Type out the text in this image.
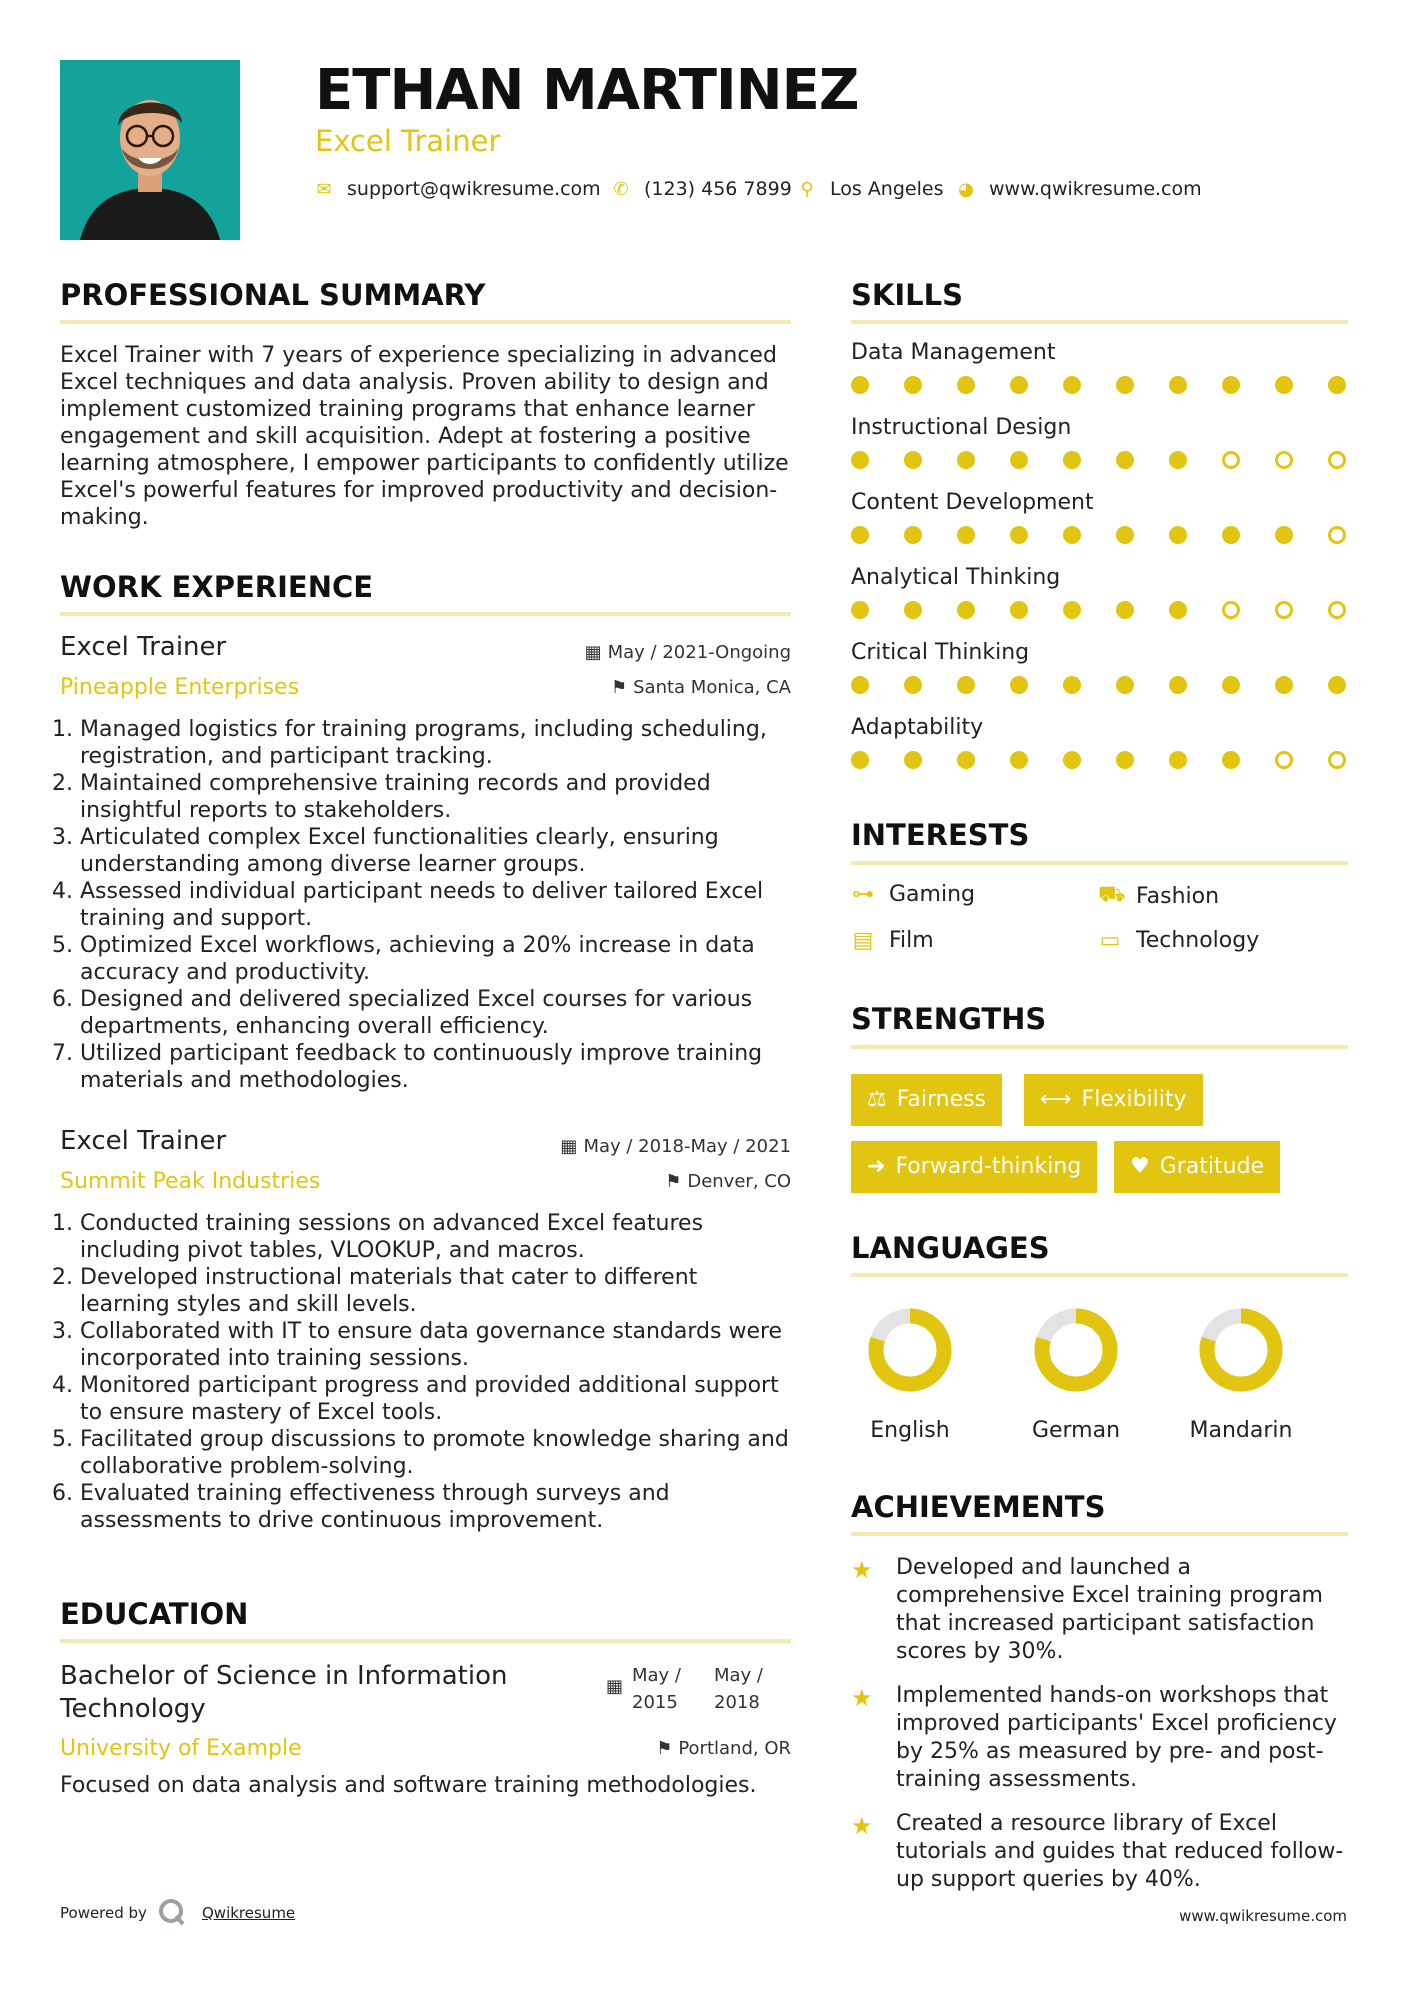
ETHAN MARTINEZ
Excel Trainer
✉ support@qwikresume.com ✆ (123) 456 7899 ⚲ Los Angeles ◕ www.qwikresume.com
PROFESSIONAL SUMMARY
Excel Trainer with 7 years of experience specializing in advanced Excel techniques and data analysis. Proven ability to design and implement customized training programs that enhance learner engagement and skill acquisition. Adept at fostering a positive learning atmosphere, I empower participants to confidently utilize Excel's powerful features for improved productivity and decision-making.
WORK EXPERIENCE
Excel Trainer
Pineapple Enterprises
▦ May / 2021-Ongoing
⚑ Santa Monica, CA
1. Managed logistics for training programs, including scheduling, registration, and participant tracking.
2. Maintained comprehensive training records and provided insightful reports to stakeholders.
3. Articulated complex Excel functionalities clearly, ensuring understanding among diverse learner groups.
4. Assessed individual participant needs to deliver tailored Excel training and support.
5. Optimized Excel workflows, achieving a 20% increase in data accuracy and productivity.
6. Designed and delivered specialized Excel courses for various departments, enhancing overall efficiency.
7. Utilized participant feedback to continuously improve training materials and methodologies.
Excel Trainer
Summit Peak Industries
▦ May / 2018-May / 2021
⚑ Denver, CO
1. Conducted training sessions on advanced Excel features including pivot tables, VLOOKUP, and macros.
2. Developed instructional materials that cater to different learning styles and skill levels.
3. Collaborated with IT to ensure data governance standards were incorporated into training sessions.
4. Monitored participant progress and provided additional support to ensure mastery of Excel tools.
5. Facilitated group discussions to promote knowledge sharing and collaborative problem-solving.
6. Evaluated training effectiveness through surveys and assessments to drive continuous improvement.
EDUCATION
Bachelor of Science in Information
Technology
University of Example
▦
May /
2015
May /
2018
⚑ Portland, OR
Focused on data analysis and software training methodologies.
Powered by	Qwikresume
SKILLS
Data Management
Instructional Design
Content Development
Analytical Thinking
Critical Thinking
Adaptability
INTERESTS
⊶ Gaming	⛟ Fashion
▤ Film	▭ Technology
STRENGTHS
⚖ Fairness	⟷ Flexibility
➜ Forward-thinking	♥ Gratitude
LANGUAGES
English	German	Mandarin
ACHIEVEMENTS
★ Developed and launched a comprehensive Excel training program that increased participant satisfaction scores by 30%.
★ Implemented hands-on workshops that improved participants' Excel proficiency by 25% as measured by pre- and post-training assessments.
★ Created a resource library of Excel tutorials and guides that reduced follow-up support queries by 40%.
www.qwikresume.com
